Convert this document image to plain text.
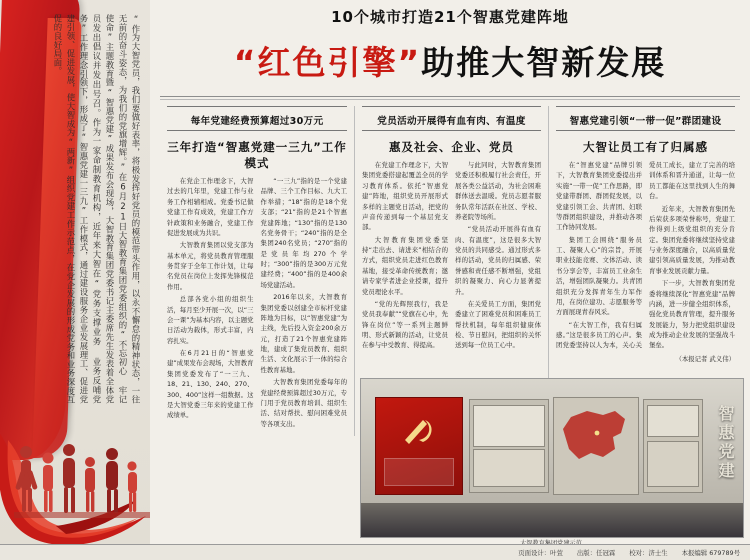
“作为大智党员，我们要做好表率，将极发挥好党员的模范带头作用，以永不懈怠的精神状态，一往无前的奋斗姿态，为我们的党旗增辉。”在6月21日大智教育集团党委组织的“不忘初心 牢记使命”主题教育暨“智惠党建”成果发布会现场，大智教育集团党委书记主委席先生发表着全体党员发出倡议并发出号召。作为一家命制教育机构，近年来大智在“党务支撑业务 业务反哺党务”工作理念引领下，形成了“智惠党建一三九”工作模式，通过建设服务企业发展理工、促进党建引领、促进发展，使大智成为“两新”组织党建工作示范点，在党企发展的形成党务和业务深度互促的良好局面。	10个城市打造21个智惠党建阵地
“红色引擎”助推大智新发展
每年党建经费预算超过30万元
三年打造“智惠党建一三九”工作模式

在党企工作理念下，大智过去的几年里，党建工作与业务工作相辅相成。党委书记做党建工作有成效，党建工作方针政策和业务融合，党建工作促进发展成为共识。

大智教育集团以党支部为基本单元，将党员教育管理服务贯穿于全年工作计划，让每名党员在岗位上发挥先锋模范作用。

总部各党小组的组织生活，每月至少开展一次，以“三会一课”为基本内容，以主题党日活动为载体，形式丰富，内容扎实。

在6月21日的“智惠党建”成果发布会现场，大智教育集团党委发布了“一三九、18、21、130、240、270、300、400”这样一组数据。这是大智党委三年来的党建工作成绩单。

“一三九”指的是一个党建品牌、三个工作目标、九大工作举措；“18”指的是18个党支部；“21”指的是21个智惠党建阵地；“130”指的是130名党务骨干；“240”指的是全集团240名党员；“270”指的是党员年均270个学时；“300”指的是300万元党建经费；“400”指的是400余场党建活动。

2016年以来，大智教育集团党委以创建全市标杆党建阵地为目标，以“智惠党建”为主线，先后投入资金200余万元，打造了21个智惠党建阵地，建成了集党员教育、组织生活、文化展示于一体的综合性教育基地。

大智教育集团党委每年的党建经费预算超过30万元，专门用于党员教育培训、组织生活、结对帮扶、慰问困难党员等各项支出。

党员活动开展得有血有肉、有温度
惠及社会、企业、党员

在党建工作理念下，大智集团党委搭建起覆盖全员的学习教育体系。依托“智惠党建”阵地，组织党员开展形式多样的主题党日活动，把党的声音传递到每一个基层党支部。

大智教育集团党委坚持“走出去、请进来”相结合的方式，组织党员走进红色教育基地，接受革命传统教育；邀请专家学者进企业授课，提升党员理论水平。

“党的光辉照我行，我是党员我奉献”“党旗在心中，先锋在岗位”等一系列主题鲜明、形式新颖的活动，让党员在参与中受教育、得提高。

与此同时，大智教育集团党委还积极履行社会责任，开展各类公益活动，为社会困难群体送去温暖。党员志愿者服务队常年活跃在社区、学校、养老院等场所。

“党员活动开展得有血有肉、有温度”，这是很多大智党员的共同感受。通过形式多样的活动，党员的归属感、荣誉感和责任感不断增强，党组织的凝聚力、向心力显著提升。

在关爱员工方面，集团党委建立了困难党员和困难员工帮扶机制，每年组织健康体检、节日慰问，把组织的关怀送到每一位员工心中。

智惠党建引领“一带一促”群团建设
大智让员工有了归属感

在“智惠党建”品牌引领下，大智教育集团党委提出并实施“一带一促”工作思路，即党建带群团、群团促发展，以党建引领工会、共青团、妇联等群团组织建设，并推动各项工作协同发展。

集团工会围绕“服务员工、凝聚人心”的宗旨，开展职业技能竞赛、文体活动、读书分享会等，丰富员工业余生活，增强团队凝聚力。共青团组织充分发挥青年生力军作用，在岗位建功、志愿服务等方面展现青春风采。

“在大智工作，我有归属感。”这是很多员工的心声。集团党委坚持以人为本，关心关爱员工成长，建立了完善的培训体系和晋升通道，让每一位员工都能在这里找到人生的舞台。

近年来，大智教育集团先后荣获多项荣誉称号，党建工作得到上级党组织的充分肯定。集团党委将继续坚持党建与业务深度融合，以高质量党建引领高质量发展，为推动教育事业发展贡献力量。

下一步，大智教育集团党委将继续深化“智惠党建”品牌内涵，进一步健全组织体系，强化党员教育管理，提升服务发展能力，努力把党组织建设成为推动企业发展的坚强战斗堡垒。

（本报记者 武义伟）
智惠党建
页面设计：叶萱 出版：任冠霖 校对：济士生 本报编辑 679789号
